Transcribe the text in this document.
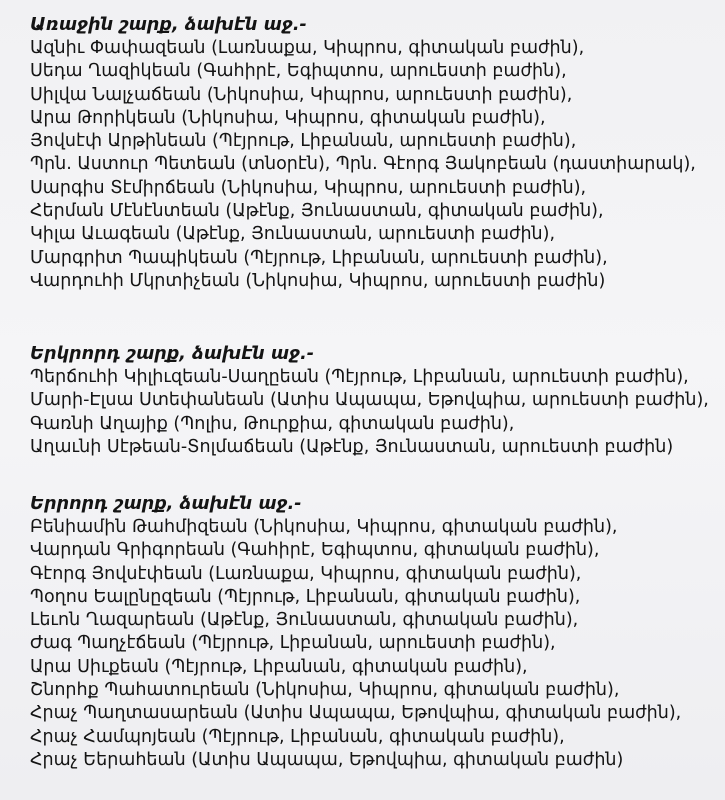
Առաջին շարք, ձախէն աջ.-
Ազնիւ Փափազեան (Լառնաքա, Կիպրոս, գիտական բաժին),
Սեդա Ղազիկեան (Գահիրէ, Եգիպտոս, արուեստի բաժին),
Սիլվա Նալչաճեան (Նիկոսիա, Կիպրոս, արուեստի բաժին),
Արա Թորիկեան (Նիկոսիա, Կիպրոս, գիտական բաժին),
Յովսէփ Արթինեան (Պէյրութ, Լիբանան, արուեստի բաժին),
Պրն. Աստուր Պետեան (տնօրէն), Պրն. Գէորգ Յակոբեան (դաստիարակ),
Սարգիս Տէմիրճեան (Նիկոսիա, Կիպրոս, արուեստի բաժին),
Հերման Մէնէնտեան (Աթէնք, Յունաստան, գիտական բաժին),
Կիլա Աւագեան (Աթէնք, Յունաստան, արուեստի բաժին),
Մարգրիտ Պապիկեան (Պէյրութ, Լիբանան, արուեստի բաժին),
Վարդուհի Մկրտիչեան (Նիկոսիա, Կիպրոս, արուեստի բաժին)
Երկրորդ շարք, ձախէն աջ.-
Պերճուհի Կիլիւզեան-Սաղըեան (Պէյրութ, Լիբանան, արուեստի բաժին),
Մարի-Էլսա Ստեփանեան (Ատիս Ապապա, Եթովպիա, արուեստի բաժին),
Գառնի Աղայիք (Պոլիս, Թուրքիա, գիտական բաժին),
Աղաւնի Սէթեան-Տոլմաճեան (Աթէնք, Յունաստան, արուեստի բաժին)
Երրորդ շարք, ձախէն աջ.-
Բենիամին Թահմիզեան (Նիկոսիա, Կիպրոս, գիտական բաժին),
Վարդան Գրիգորեան (Գահիրէ, Եգիպտոս, գիտական բաժին),
Գէորգ Յովսէփեան (Լառնաքա, Կիպրոս, գիտական բաժին),
Պօղոս Եալընըզեան (Պէյրութ, Լիբանան, գիտական բաժին),
Լեւոն Ղազարեան (Աթէնք, Յունաստան, գիտական բաժին),
Ժագ Պաղչէճեան (Պէյրութ, Լիբանան, արուեստի բաժին),
Արա Սիւքեան (Պէյրութ, Լիբանան, գիտական բաժին),
Շնորհք Պահատուրեան (Նիկոսիա, Կիպրոս, գիտական բաժին),
Հրաչ Պաղտասարեան (Ատիս Ապապա, Եթովպիա, գիտական բաժին),
Հրաչ Համպոյեան (Պէյրութ, Լիբանան, գիտական բաժին),
Հրաչ Եերահեան (Ատիս Ապապա, Եթովպիա, գիտական բաժին)
